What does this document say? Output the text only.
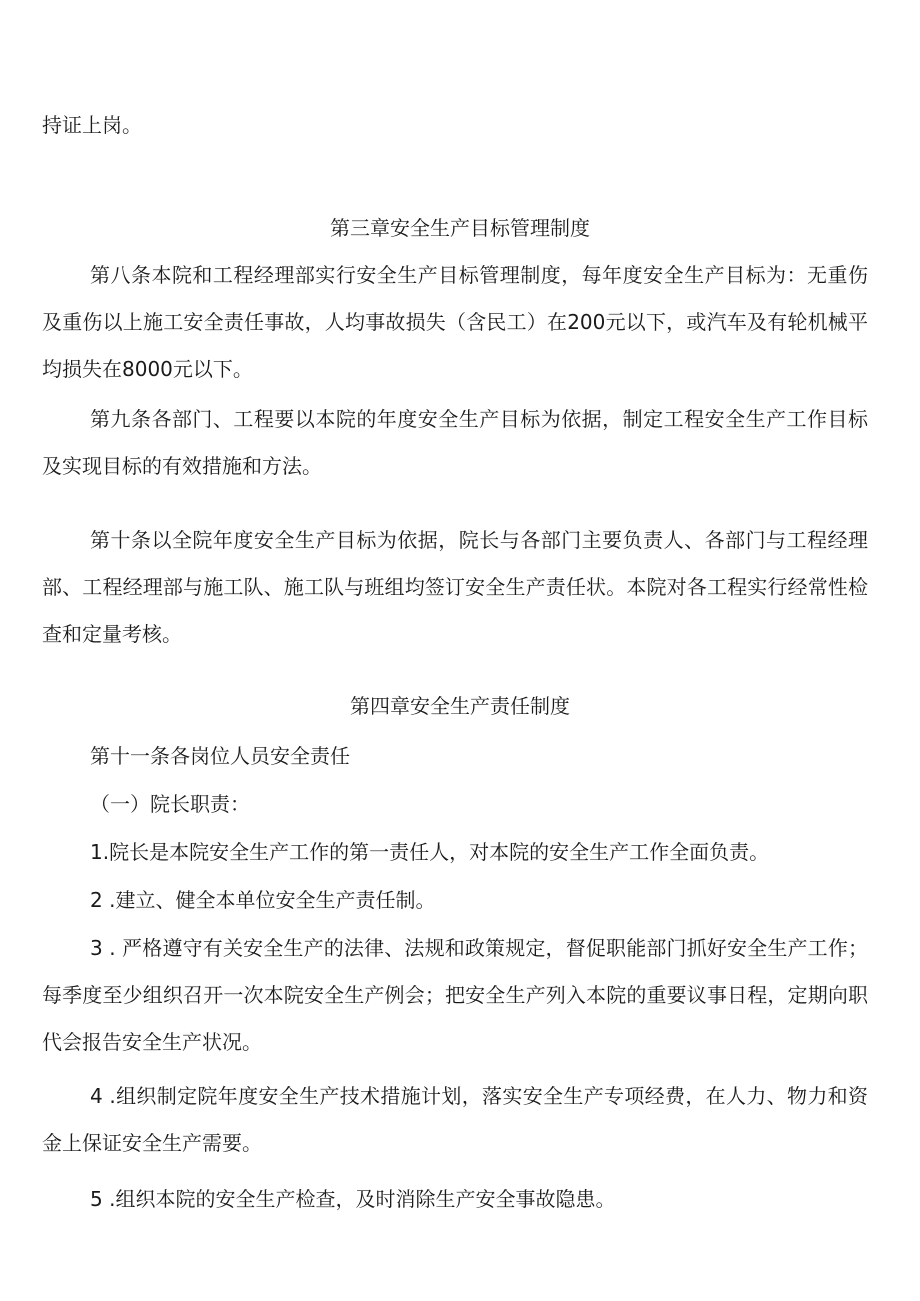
持证上岗。

第三章安全生产目标管理制度

第八条本院和工程经理部实行安全生产目标管理制度，每年度安全生产目标为：无重伤及重伤以上施工安全责任事故，人均事故损失（含民工）在200元以下，或汽车及有轮机械平均损失在8000元以下。

第九条各部门、工程要以本院的年度安全生产目标为依据，制定工程安全生产工作目标及实现目标的有效措施和方法。

第十条以全院年度安全生产目标为依据，院长与各部门主要负责人、各部门与工程经理部、工程经理部与施工队、施工队与班组均签订安全生产责任状。本院对各工程实行经常性检查和定量考核。

第四章安全生产责任制度

第十一条各岗位人员安全责任

（一）院长职责：

1.院长是本院安全生产工作的第一责任人，对本院的安全生产工作全面负责。

2 .建立、健全本单位安全生产责任制。

3 . 严格遵守有关安全生产的法律、法规和政策规定，督促职能部门抓好安全生产工作；每季度至少组织召开一次本院安全生产例会；把安全生产列入本院的重要议事日程，定期向职代会报告安全生产状况。

4 .组织制定院年度安全生产技术措施计划，落实安全生产专项经费，在人力、物力和资金上保证安全生产需要。

5 .组织本院的安全生产检查，及时消除生产安全事故隐患。
